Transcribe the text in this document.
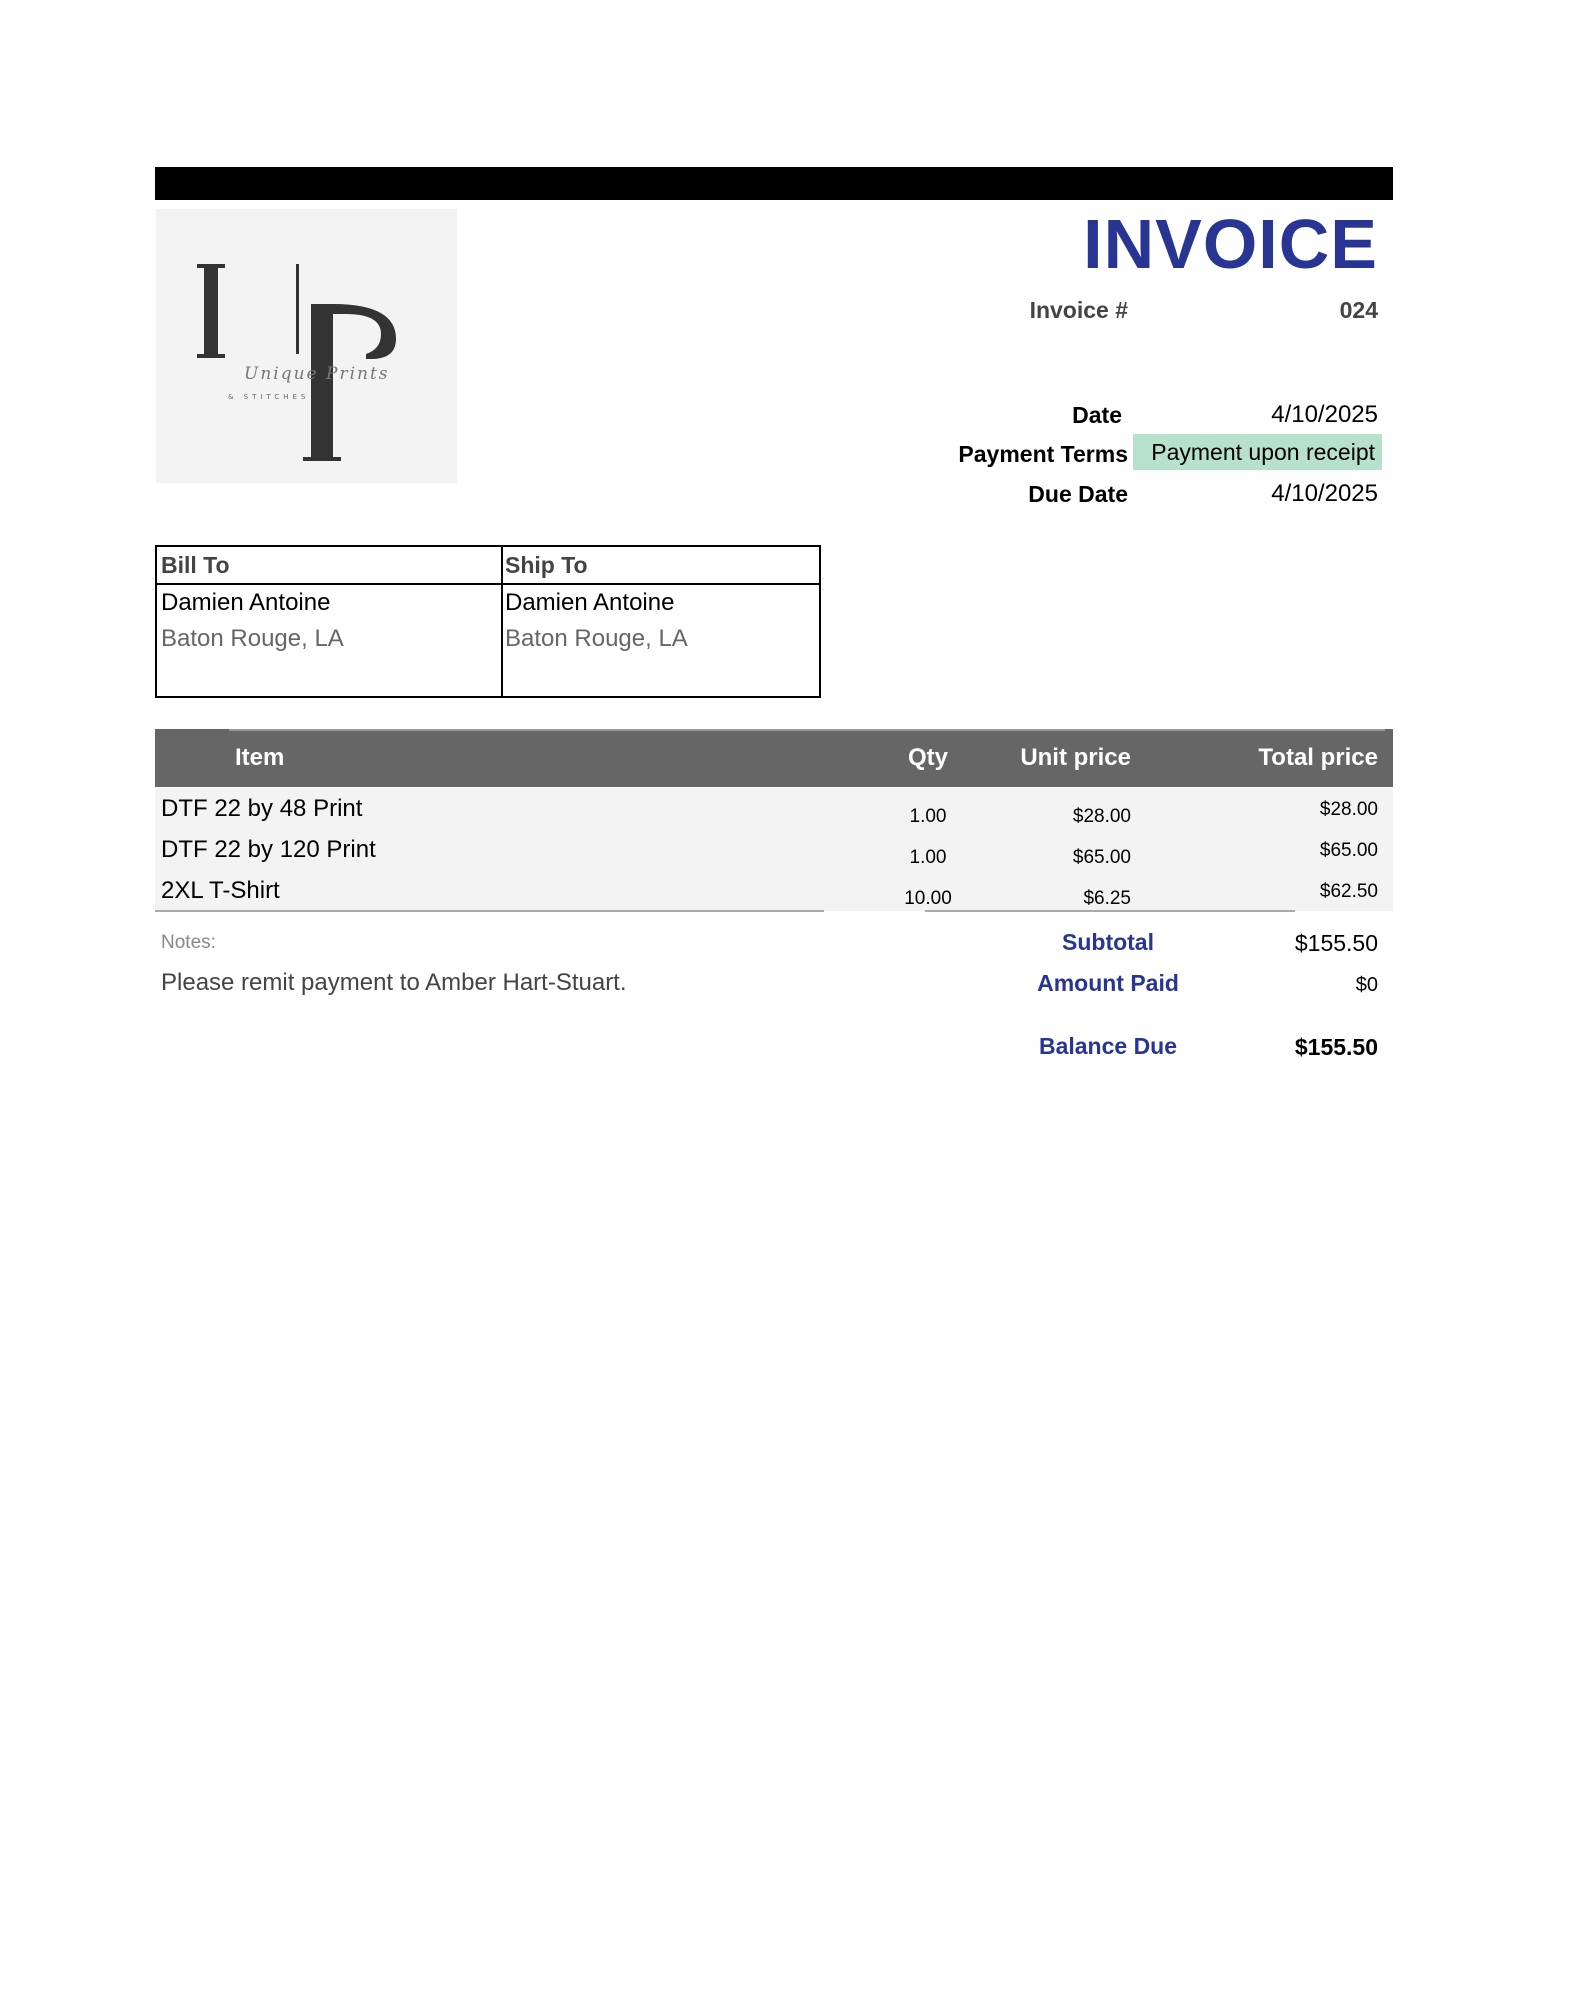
Unique Prints
& STITCHES
INVOICE
Invoice #	024
Date	4/10/2025
Payment Terms	Payment upon receipt
Due Date	4/10/2025
Bill To
Damien Antoine
Baton Rouge, LA
Ship To
Damien Antoine
Baton Rouge, LA
Item	Qty	Unit price	Total price
DTF 22 by 48 Print	1.00	$28.00	$28.00
DTF 22 by 120 Print	1.00	$65.00	$65.00
2XL T-Shirt	10.00	$6.25	$62.50
Notes:
Please remit payment to Amber Hart-Stuart.
Subtotal	$155.50
Amount Paid	$0
Balance Due	$155.50
